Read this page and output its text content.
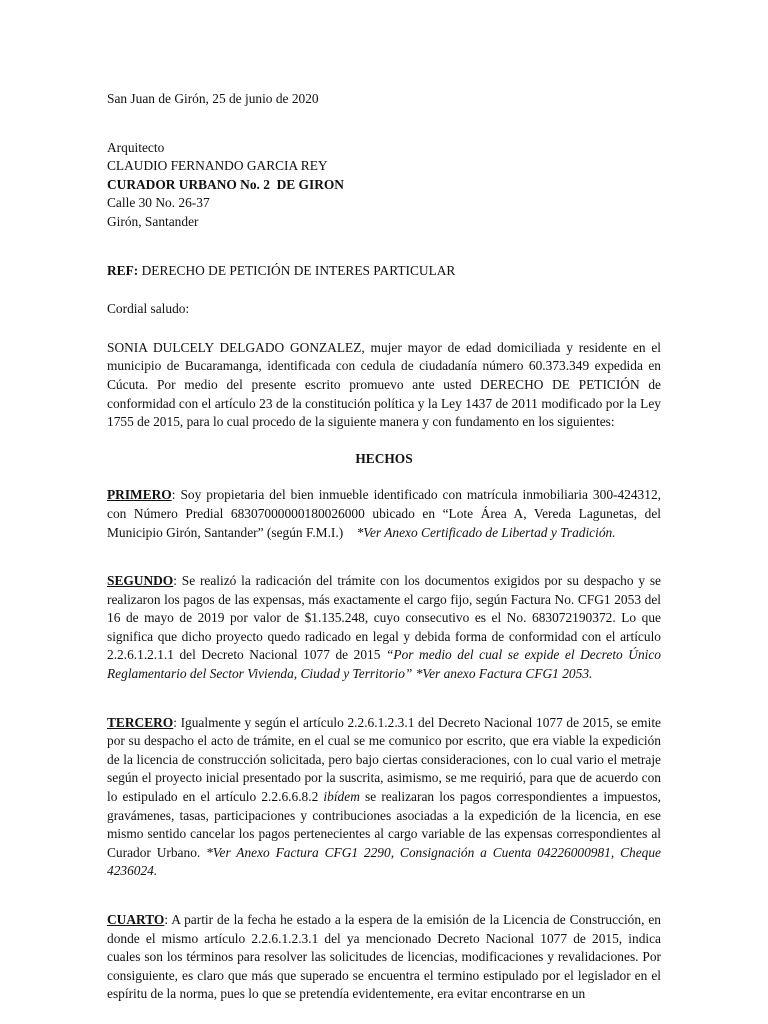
San Juan de Girón, 25 de junio de 2020

Arquitecto

CLAUDIO FERNANDO GARCIA REY

CURADOR URBANO No. 2  DE GIRON

Calle 30 No. 26-37

Girón, Santander

REF: DERECHO DE PETICIÓN DE INTERES PARTICULAR

Cordial saludo:

SONIA DULCELY DELGADO GONZALEZ, mujer mayor de edad domiciliada y residente en el municipio de Bucaramanga, identificada con cedula de ciudadanía número 60.373.349 expedida en Cúcuta. Por medio del presente escrito promuevo ante usted DERECHO DE PETICIÓN de conformidad con el artículo 23 de la constitución política y la Ley 1437 de 2011 modificado por la Ley 1755 de 2015, para lo cual procedo de la siguiente manera y con fundamento en los siguientes:

HECHOS

PRIMERO: Soy propietaria del bien inmueble identificado con matrícula inmobiliaria 300-424312, con Número Predial 68307000000180026000 ubicado en “Lote Área A, Vereda Lagunetas, del Municipio Girón, Santander” (según F.M.I.)    *Ver Anexo Certificado de Libertad y Tradición.

SEGUNDO: Se realizó la radicación del trámite con los documentos exigidos por su despacho y se realizaron los pagos de las expensas, más exactamente el cargo fijo, según Factura No. CFG1 2053 del 16 de mayo de 2019 por valor de $1.135.248, cuyo consecutivo es el No. 683072190372. Lo que significa que dicho proyecto quedo radicado en legal y debida forma de conformidad con el artículo 2.2.6.1.2.1.1 del Decreto Nacional 1077 de 2015 “Por medio del cual se expide el Decreto Único Reglamentario del Sector Vivienda, Ciudad y Territorio” *Ver anexo Factura CFG1 2053.

TERCERO: Igualmente y según el artículo 2.2.6.1.2.3.1 del Decreto Nacional 1077 de 2015, se emite por su despacho el acto de trámite, en el cual se me comunico por escrito, que era viable la expedición de la licencia de construcción solicitada, pero bajo ciertas consideraciones, con lo cual vario el metraje según el proyecto inicial presentado por la suscrita, asimismo, se me requirió, para que de acuerdo con lo estipulado en el artículo 2.2.6.6.8.2 ibídem se realizaran los pagos correspondientes a impuestos, gravámenes, tasas, participaciones y contribuciones asociadas a la expedición de la licencia, en ese mismo sentido cancelar los pagos pertenecientes al cargo variable de las expensas correspondientes al Curador Urbano. *Ver Anexo Factura CFG1 2290, Consignación a Cuenta 04226000981, Cheque 4236024.

CUARTO: A partir de la fecha he estado a la espera de la emisión de la Licencia de Construcción, en donde el mismo artículo 2.2.6.1.2.3.1 del ya mencionado Decreto Nacional 1077 de 2015, indica cuales son los términos para resolver las solicitudes de licencias, modificaciones y revalidaciones. Por consiguiente, es claro que más que superado se encuentra el termino estipulado por el legislador en el espíritu de la norma, pues lo que se pretendía evidentemente, era evitar encontrarse en un
